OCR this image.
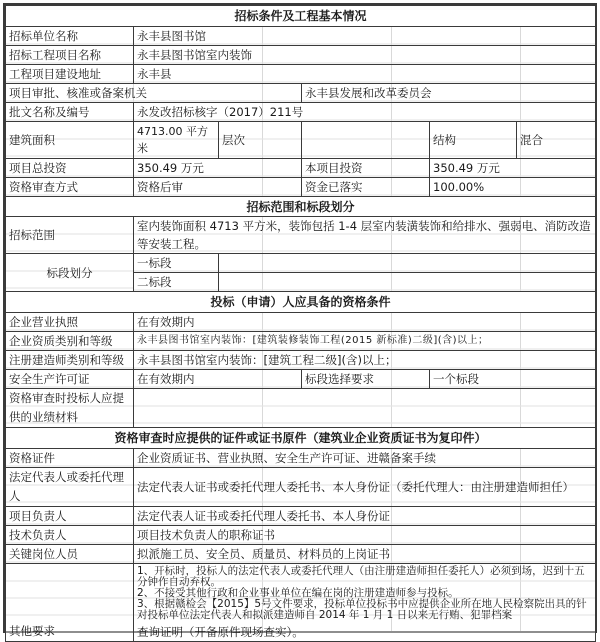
招标条件及工程基本情况					
招标单位名称	永丰县图书馆				
招标工程项目名称	永丰县图书馆室内装饰				
工程项目建设地址	永丰县				
项目审批、核准或备案机关			永丰县发展和改革委员会		
批文名称及编号	永发改招标核字（2017）211号				
建筑面积	4713.00 平方米	层次		结构	混合
项目总投资	350.49 万元		本项目投资	350.49 万元	
资格审查方式	资格后审		资金已落实	100.00%	
招标范围和标段划分					
招标范围	室内装饰面积 4713 平方米，装饰包括 1-4 层室内装潢装饰和给排水、强弱电、消防改造等安装工程。				
标段划分	一标段				
	二标段				
投标（申请）人应具备的资格条件					
企业营业执照	在有效期内				
企业资质类别和等级	永丰县图书馆室内装饰：[建筑装修装饰工程(2015 新标准)二级](含)以上；				
注册建造师类别和等级	永丰县图书馆室内装饰：[建筑工程二级](含)以上；				
安全生产许可证	在有效期内		标段选择要求	一个标段	
资格审查时投标人应提供的业绩材料					
资格审查时应提供的证件或证书原件（建筑业企业资质证书为复印件）					
资格证件	企业资质证书、营业执照、安全生产许可证、进赣备案手续				
法定代表人或委托代理人	法定代表人证书或委托代理人委托书、本人身份证（委托代理人：由注册建造师担任）				
项目负责人	法定代表人证书或委托代理人委托书、本人身份证				
技术负责人	项目技术负责人的职称证书				
关键岗位人员	拟派施工员、安全员、质量员、材料员的上岗证书				
其他要求	1、开标时，投标人的法定代表人或委托代理人（由注册建造师担任委托人）必须到场，迟到十五分钟作自动弃权。
2、不接受其他行政和企业事业单位在编在岗的注册建造师参与投标。
3、根据赣检会【2015】5号文件要求，投标单位投标书中应提供企业所在地人民检察院出具的针对投标单位法定代表人和拟派建造师自 2014 年 1 月 1 日以来无行贿、犯罪档案
查询证明（开备原件现场查实）。				
